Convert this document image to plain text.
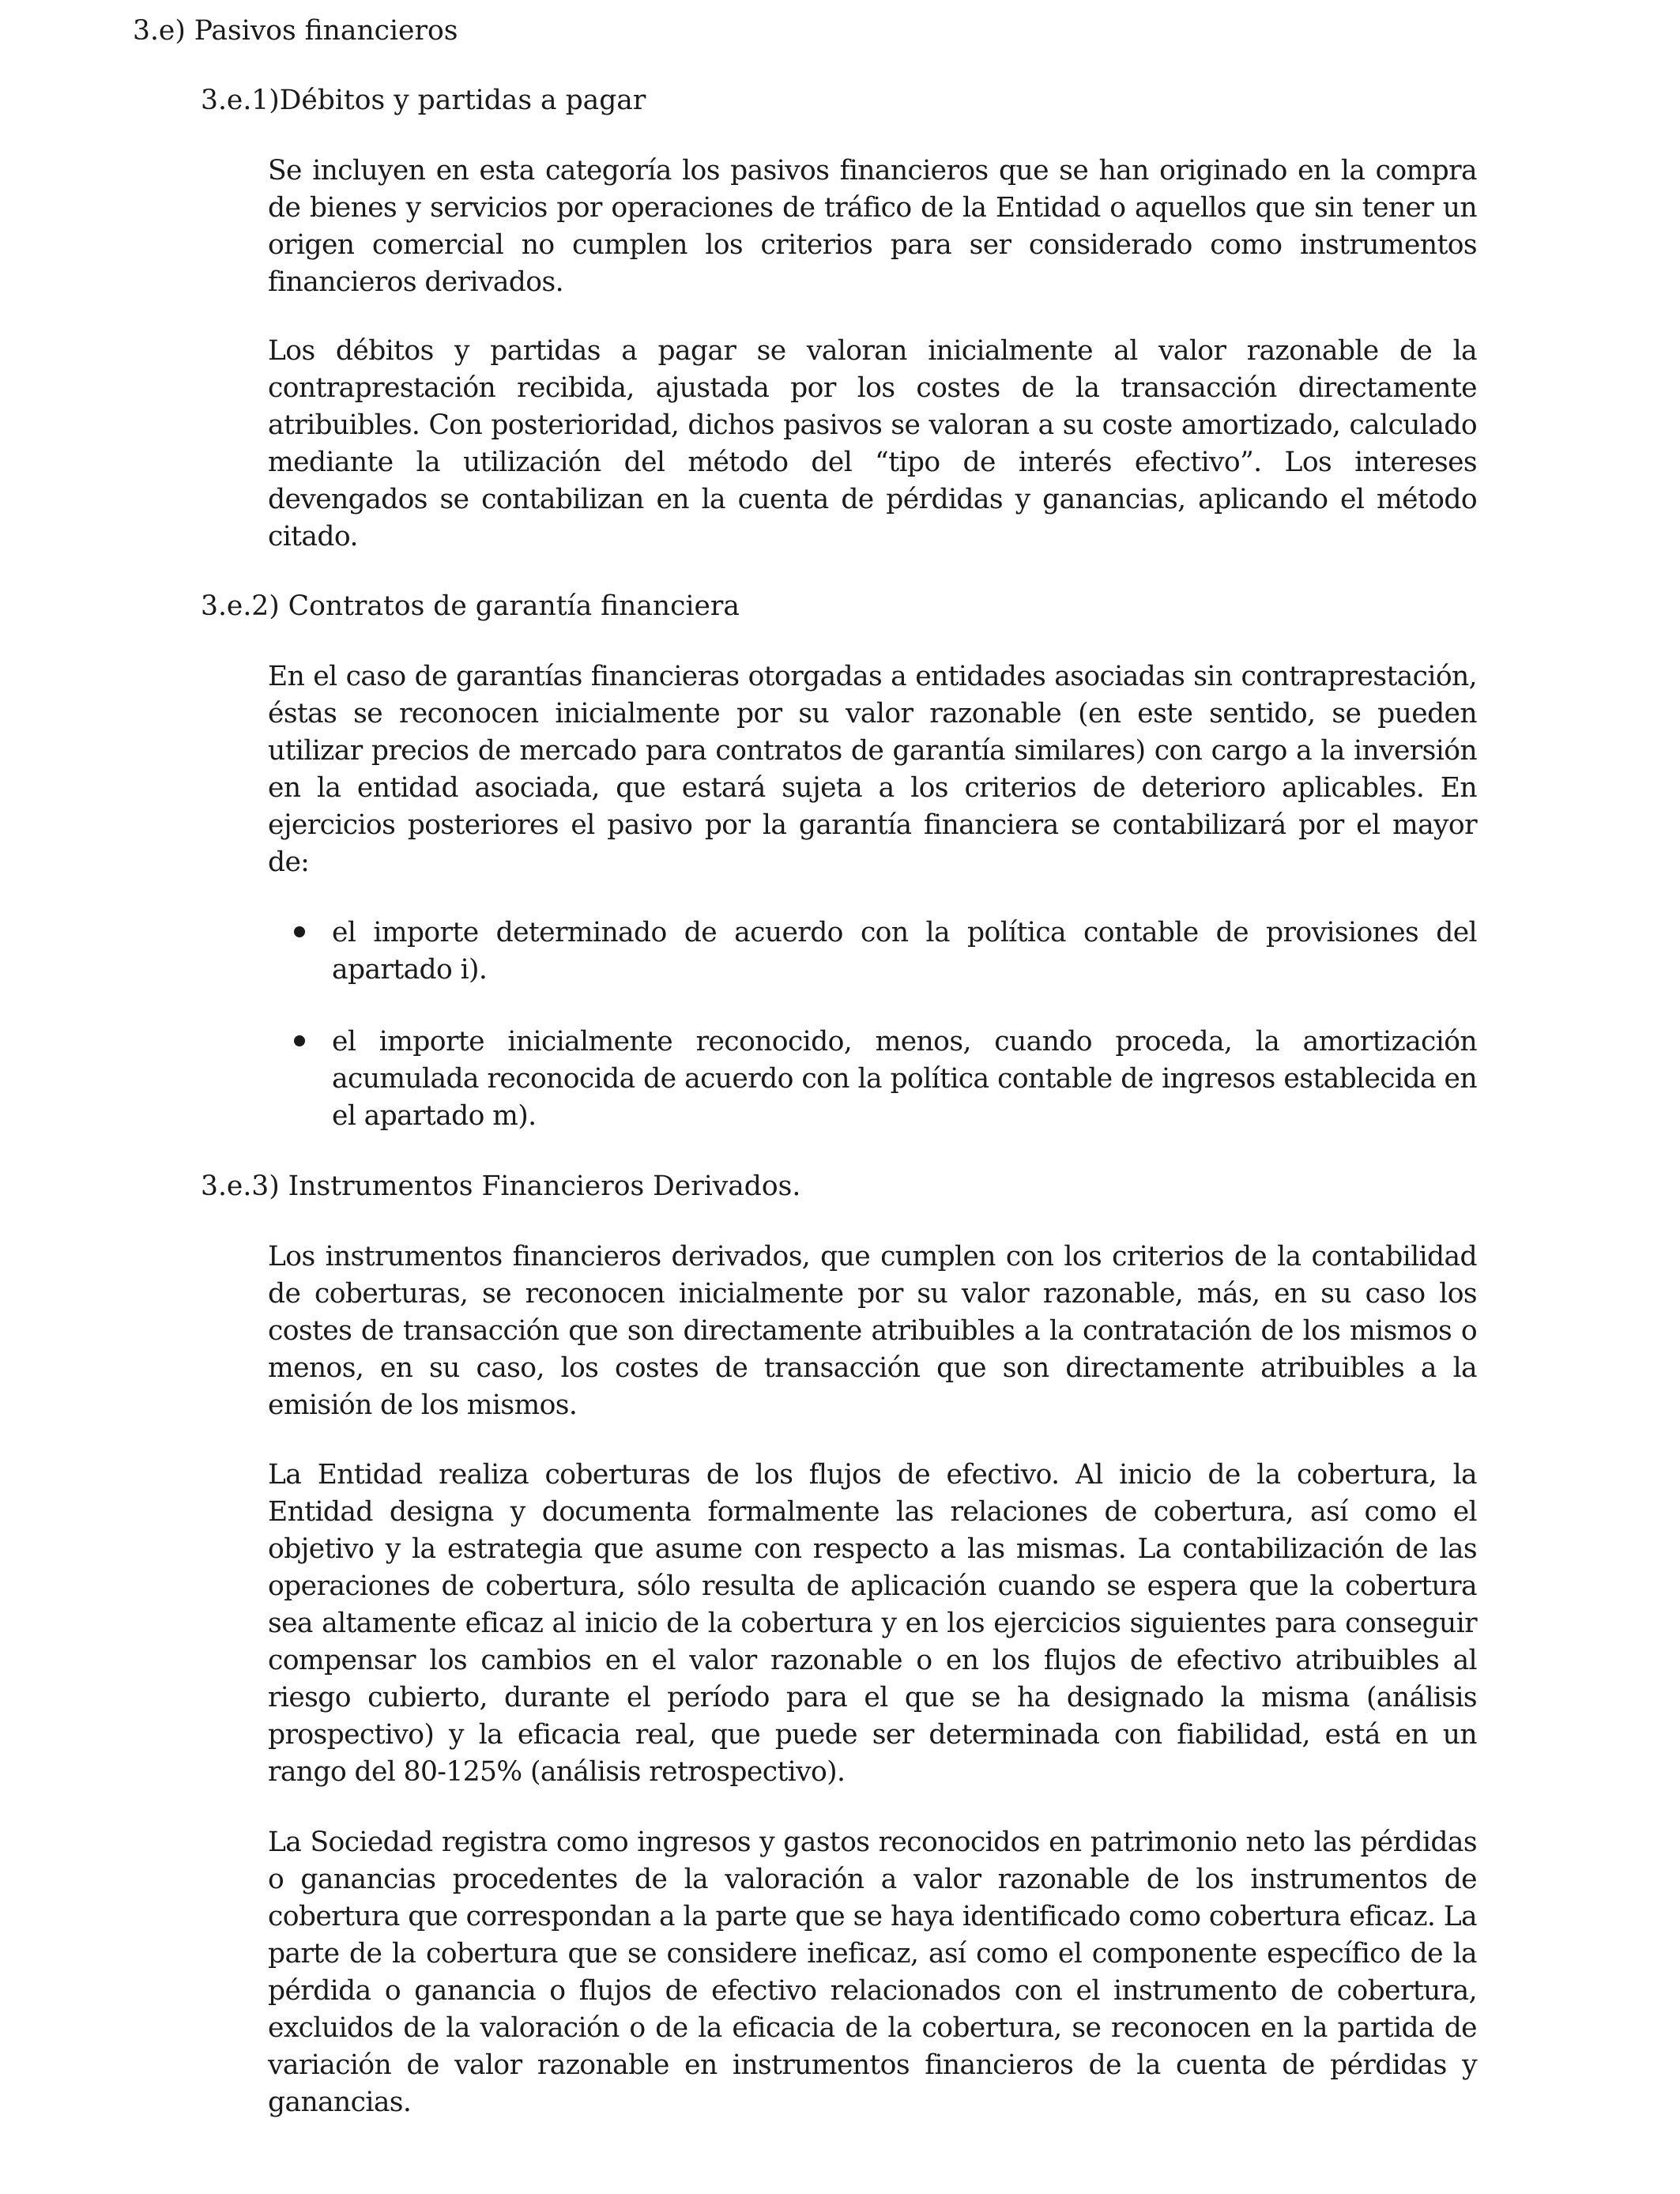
3.e) Pasivos financieros
3.e.1)Débitos y partidas a pagar
Se incluyen en esta categoría los pasivos financieros que se han originado en la compra de bienes y servicios por operaciones de tráfico de la Entidad o aquellos que sin tener un origen comercial no cumplen los criterios para ser considerado como instrumentos financieros derivados.
Los débitos y partidas a pagar se valoran inicialmente al valor razonable de la contraprestación recibida, ajustada por los costes de la transacción directamente atribuibles. Con posterioridad, dichos pasivos se valoran a su coste amortizado, calculado mediante la utilización del método del “tipo de interés efectivo”. Los intereses devengados se contabilizan en la cuenta de pérdidas y ganancias, aplicando el método citado.
3.e.2) Contratos de garantía financiera
En el caso de garantías financieras otorgadas a entidades asociadas sin contraprestación, éstas se reconocen inicialmente por su valor razonable (en este sentido, se pueden utilizar precios de mercado para contratos de garantía similares) con cargo a la inversión en la entidad asociada, que estará sujeta a los criterios de deterioro aplicables. En ejercicios posteriores el pasivo por la garantía financiera se contabilizará por el mayor de:
el importe determinado de acuerdo con la política contable de provisiones del apartado i).
el importe inicialmente reconocido, menos, cuando proceda, la amortización acumulada reconocida de acuerdo con la política contable de ingresos establecida en el apartado m).
3.e.3) Instrumentos Financieros Derivados.
Los instrumentos financieros derivados, que cumplen con los criterios de la contabilidad de coberturas, se reconocen inicialmente por su valor razonable, más, en su caso los costes de transacción que son directamente atribuibles a la contratación de los mismos o menos, en su caso, los costes de transacción que son directamente atribuibles a la emisión de los mismos.
La Entidad realiza coberturas de los flujos de efectivo. Al inicio de la cobertura, la Entidad designa y documenta formalmente las relaciones de cobertura, así como el objetivo y la estrategia que asume con respecto a las mismas. La contabilización de las operaciones de cobertura, sólo resulta de aplicación cuando se espera que la cobertura sea altamente eficaz al inicio de la cobertura y en los ejercicios siguientes para conseguir compensar los cambios en el valor razonable o en los flujos de efectivo atribuibles al riesgo cubierto, durante el período para el que se ha designado la misma (análisis prospectivo) y la eficacia real, que puede ser determinada con fiabilidad, está en un rango del 80-125% (análisis retrospectivo).
La Sociedad registra como ingresos y gastos reconocidos en patrimonio neto las pérdidas o ganancias procedentes de la valoración a valor razonable de los instrumentos de cobertura que correspondan a la parte que se haya identificado como cobertura eficaz. La parte de la cobertura que se considere ineficaz, así como el componente específico de la pérdida o ganancia o flujos de efectivo relacionados con el instrumento de cobertura, excluidos de la valoración o de la eficacia de la cobertura, se reconocen en la partida de variación de valor razonable en instrumentos financieros de la cuenta de pérdidas y ganancias.
